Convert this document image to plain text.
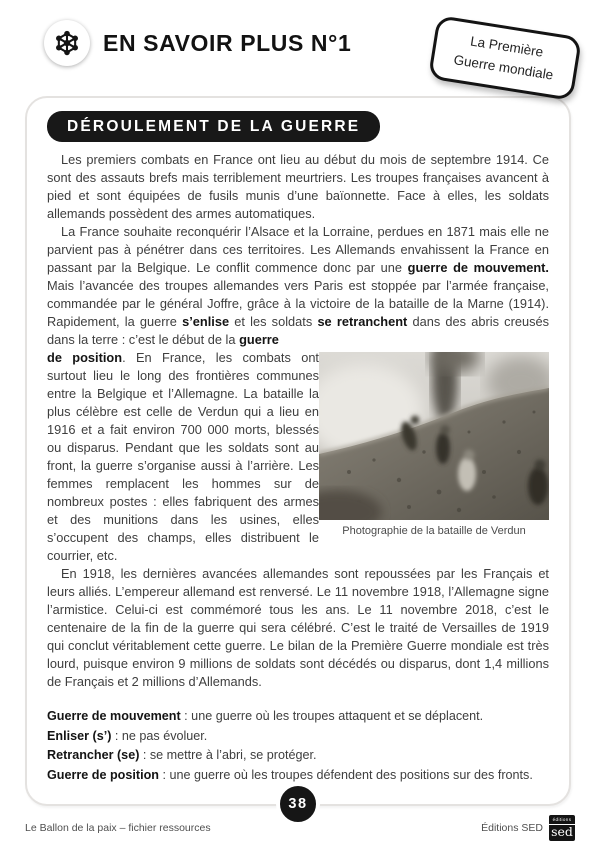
EN SAVOIR PLUS N°1	La Première
Guerre mondiale
DÉROULEMENT DE LA GUERRE

Les premiers combats en France ont lieu au début du mois de septembre 1914. Ce sont des assauts brefs mais terriblement meurtriers. Les troupes françaises avancent à pied et sont équipées de fusils munis d’une baïonnette. Face à elles, les soldats allemands possèdent des armes automatiques.

La France souhaite reconquérir l’Alsace et la Lorraine, perdues en 1871 mais elle ne parvient pas à pénétrer dans ces territoires. Les Allemands envahissent la France en passant par la Belgique. Le conflit commence donc par une guerre de mouvement. Mais l’avancée des troupes allemandes vers Paris est stoppée par l’armée française, commandée par le général Joffre, grâce à la victoire de la bataille de la Marne (1914). Rapidement, la guerre s’enlise et les soldats se retranchent dans des abris creusés dans la terre : c’est le début de la guerre

Photographie de la bataille de Verdun

de position. En France, les combats ont surtout lieu le long des frontières communes entre la Belgique et l’Allemagne. La bataille la plus célèbre est celle de Verdun qui a lieu en 1916 et a fait environ 700 000 morts, blessés ou disparus. Pendant que les soldats sont au front, la guerre s’organise aussi à l’arrière. Les femmes remplacent les hommes sur de nombreux postes : elles fabriquent des armes et des munitions dans les usines, elles s’occupent des champs, elles distribuent le courrier, etc.

En 1918, les dernières avancées allemandes sont repoussées par les Français et leurs alliés. L’empereur allemand est renversé. Le 11 novembre 1918, l’Allemagne signe l’armistice. Celui-ci est commémoré tous les ans. Le 11 novembre 2018, c’est le centenaire de la fin de la guerre qui sera célébré. C’est le traité de Versailles de 1919 qui conclut véritablement cette guerre. Le bilan de la Première Guerre mondiale est très lourd, puisque environ 9 millions de soldats sont décédés ou disparus, dont 1,4 millions de Français et 2 millions d’Allemands.

Guerre de mouvement : une guerre où les troupes attaquent et se déplacent.

Enliser (s’) : ne pas évoluer.

Retrancher (se) : se mettre à l’abri, se protéger.

Guerre de position : une guerre où les troupes défendent des positions sur des fronts.

38
Le Ballon de la paix – fichier ressources	Éditions SED
éditions
sed
